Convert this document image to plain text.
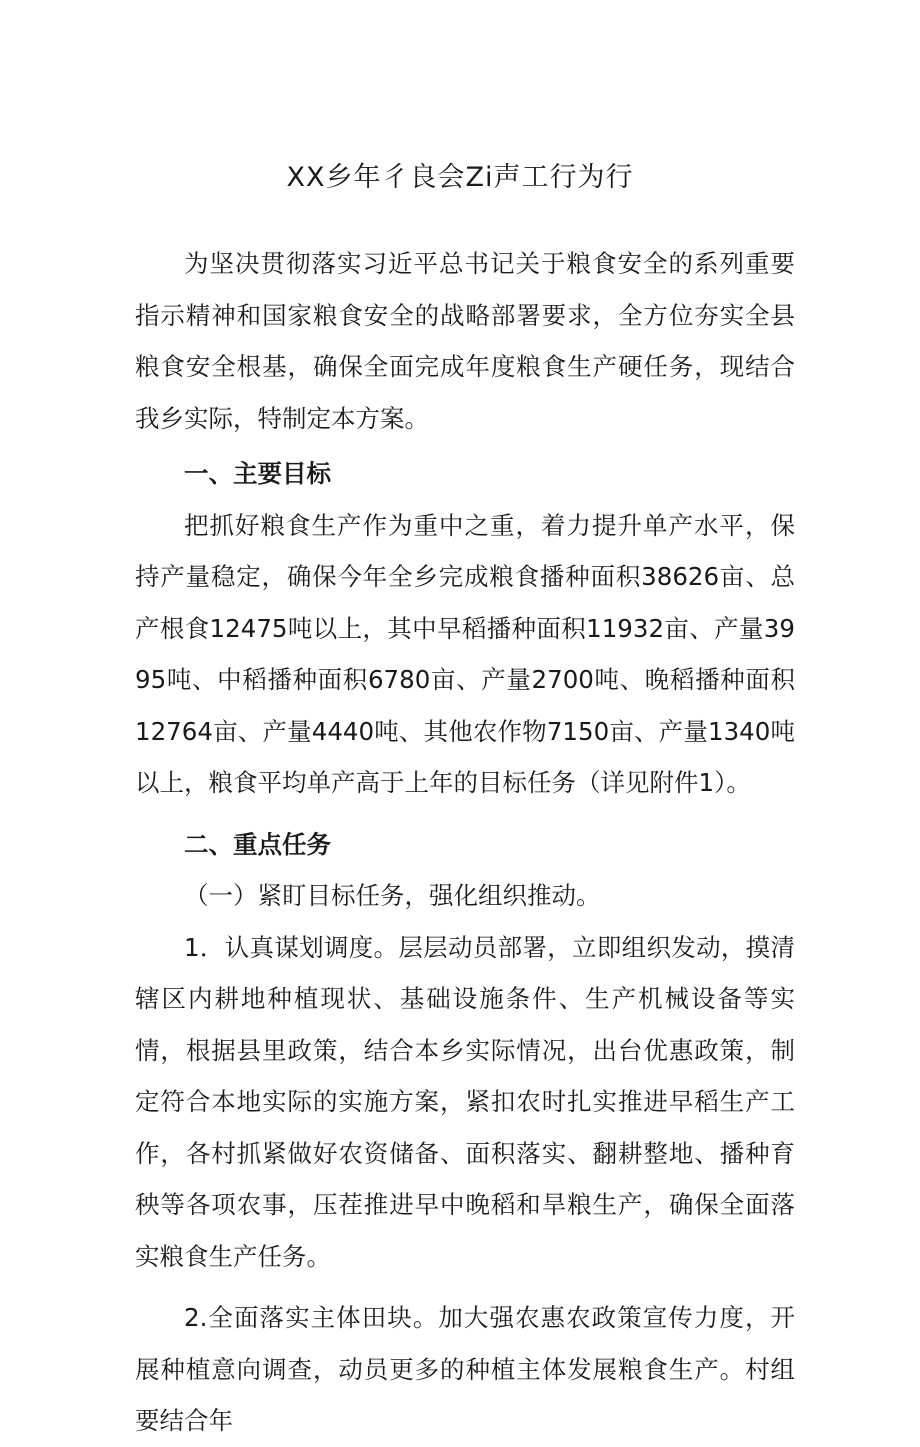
XX乡年彳良会Zi声工行为行

为坚决贯彻落实习近平总书记关于粮食安全的系列重要指示精神和国家粮食安全的战略部署要求，全方位夯实全县粮食安全根基，确保全面完成年度粮食生产硬任务，现结合我乡实际，特制定本方案。

一、主要目标

把抓好粮食生产作为重中之重，着力提升单产水平，保持产量稳定，确保今年全乡完成粮食播种面积38626亩、总产根食12475吨以上，其中早稻播种面积11932亩、产量3995吨、中稻播种面积6780亩、产量2700吨、晚稻播种面积12764亩、产量4440吨、其他农作物7150亩、产量1340吨以上，粮食平均单产高于上年的目标任务（详见附件1）。

二、重点任务

（一）紧盯目标任务，强化组织推动。

1．认真谋划调度。层层动员部署，立即组织发动，摸清辖区内耕地种植现状、基础设施条件、生产机械设备等实情，根据县里政策，结合本乡实际情况，出台优惠政策，制定符合本地实际的实施方案，紧扣农时扎实推进早稻生产工作，各村抓紧做好农资储备、面积落实、翻耕整地、播种育秧等各项农事，压茬推进早中晚稻和旱粮生产，确保全面落实粮食生产任务。

2.全面落实主体田块。加大强农惠农政策宣传力度，开展种植意向调查，动员更多的种植主体发展粮食生产。村组要结合年
